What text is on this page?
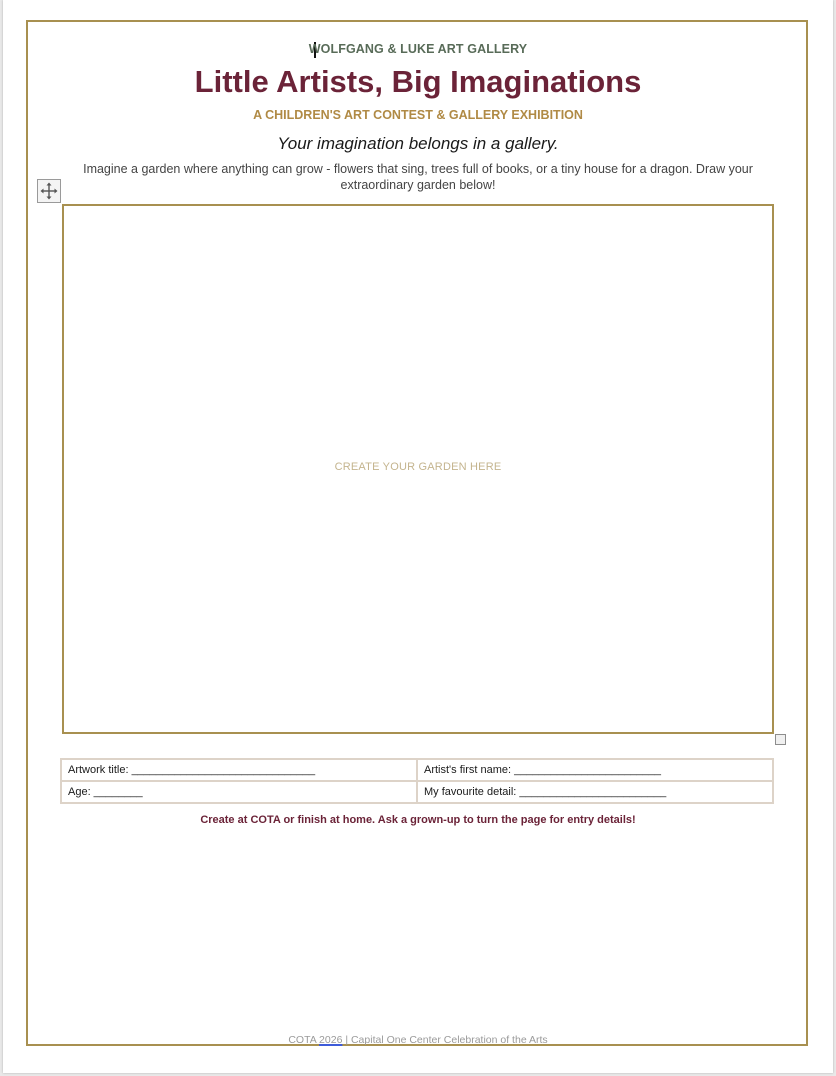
WOLFGANG & LUKE ART GALLERY
Little Artists, Big Imaginations
A CHILDREN'S ART CONTEST & GALLERY EXHIBITION
Your imagination belongs in a gallery.
Imagine a garden where anything can grow - flowers that sing, trees full of books, or a tiny house for a dragon. Draw your extraordinary garden below!
CREATE YOUR GARDEN HERE
Artwork title: ______________________________	Artist's first name: ________________________
Age: ________	My favourite detail: ________________________
Create at COTA or finish at home. Ask a grown-up to turn the page for entry details!
COTA 2026 | Capital One Center Celebration of the Arts
